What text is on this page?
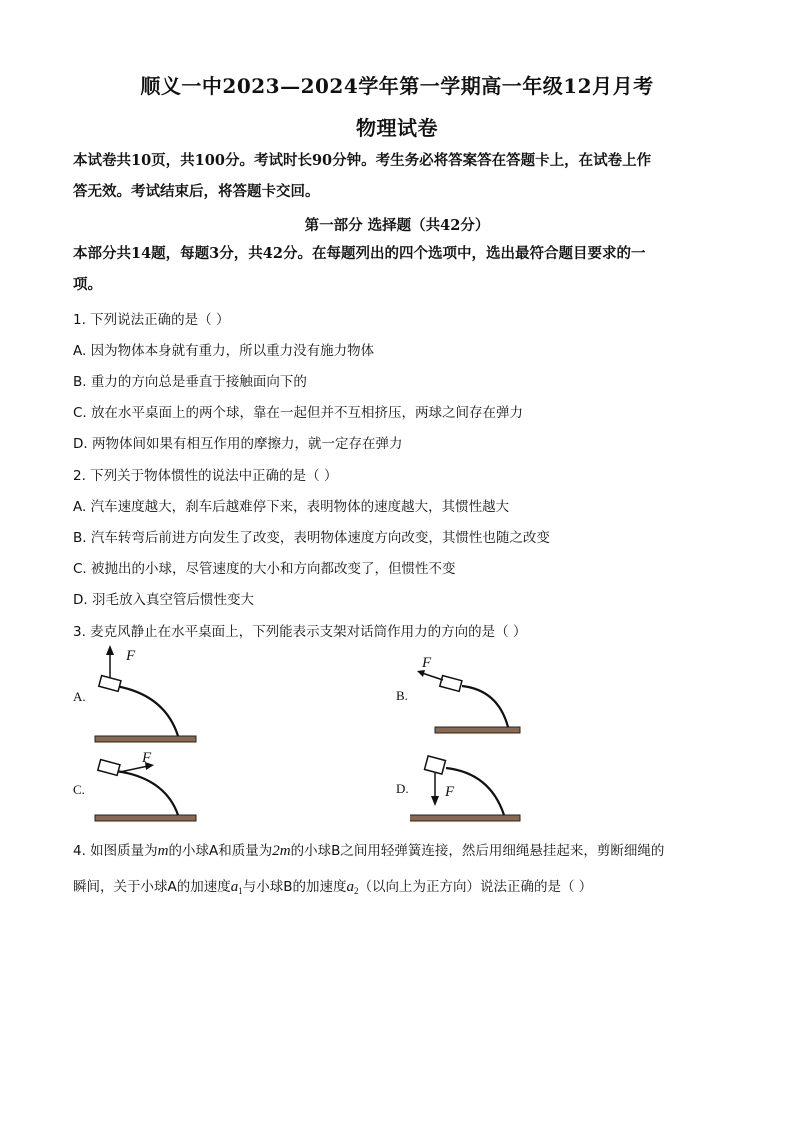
顺义一中2023—2024学年第一学期高一年级12月月考
物理试卷
本试卷共10页，共100分。考试时长90分钟。考生务必将答案答在答题卡上，在试卷上作
答无效。考试结束后，将答题卡交回。
第一部分 选择题（共42分）
本部分共14题，每题3分，共42分。在每题列出的四个选项中，选出最符合题目要求的一
项。
1. 下列说法正确的是（ ）
A. 因为物体本身就有重力，所以重力没有施力物体
B. 重力的方向总是垂直于接触面向下的
C. 放在水平桌面上的两个球，靠在一起但并不互相挤压，两球之间存在弹力
D. 两物体间如果有相互作用的摩擦力，就一定存在弹力
2. 下列关于物体惯性的说法中正确的是（ ）
A. 汽车速度越大，刹车后越难停下来，表明物体的速度越大，其惯性越大
B. 汽车转弯后前进方向发生了改变，表明物体速度方向改变，其惯性也随之改变
C. 被抛出的小球，尽管速度的大小和方向都改变了，但惯性不变
D. 羽毛放入真空管后惯性变大
3. 麦克风静止在水平桌面上，下列能表示支架对话筒作用力的方向的是（ ）
A.	B.
C.	D.
F	F
F
F
4. 如图质量为m的小球A和质量为2m的小球B之间用轻弹簧连接，然后用细绳悬挂起来，剪断细绳的
瞬间，关于小球A的加速度$a_1$与小球B的加速度$a_2$（以向上为正方向）说法正确的是（ ）
